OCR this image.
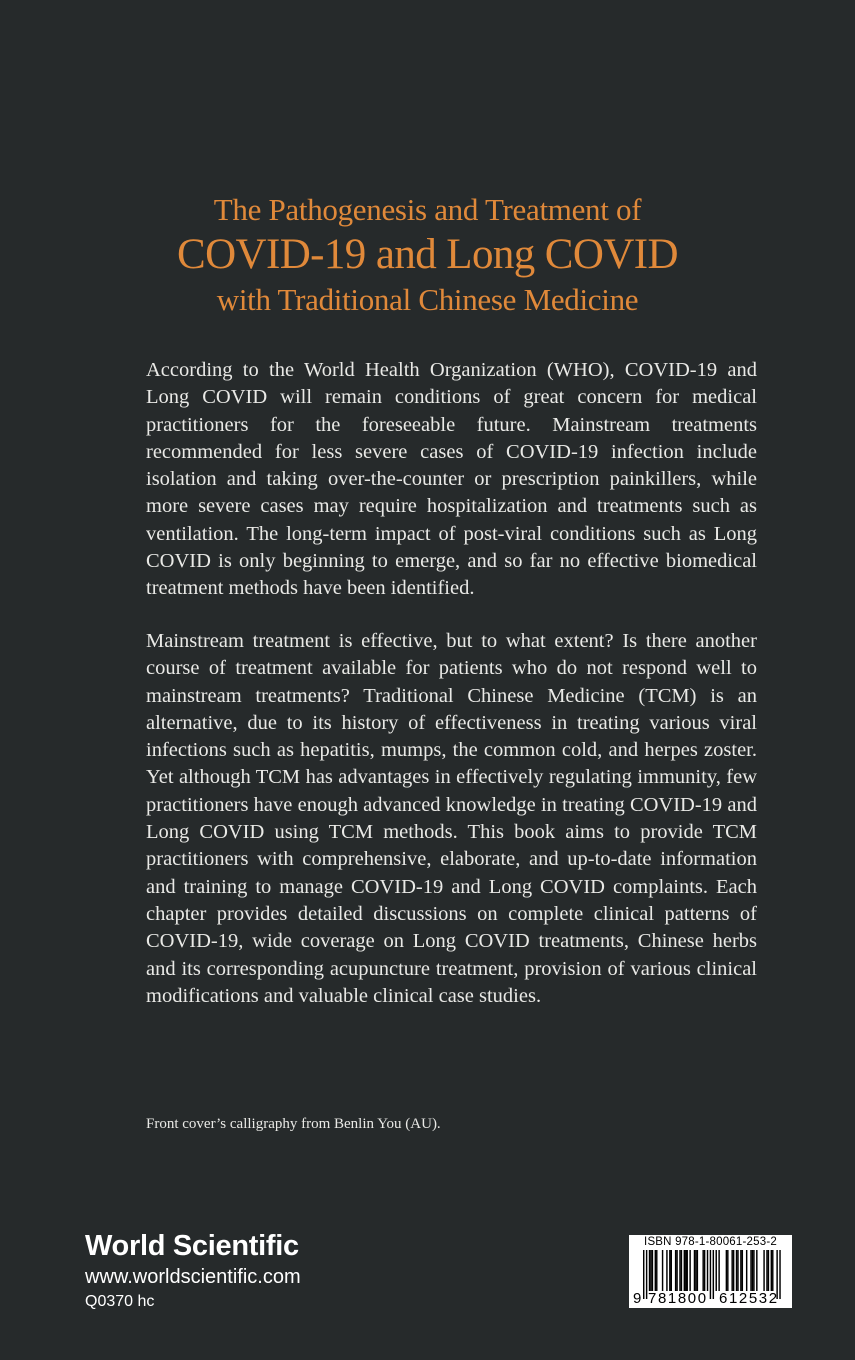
The Pathogenesis and Treatment of
COVID-19 and Long COVID
with Traditional Chinese Medicine

According to the World Health Organization (WHO), COVID-19 and Long COVID will remain conditions of great concern for medical practitioners for the foreseeable future. Mainstream treatments recommended for less severe cases of COVID-19 infection include isolation and taking over-the-counter or prescription painkillers, while more severe cases may require hospitalization and treatments such as ventilation. The long-term impact of post-viral conditions such as Long COVID is only beginning to emerge, and so far no effective biomedical treatment methods have been identified.

Mainstream treatment is effective, but to what extent? Is there another course of treatment available for patients who do not respond well to mainstream treatments? Traditional Chinese Medicine (TCM) is an alternative, due to its history of effectiveness in treating various viral infections such as hepatitis, mumps, the common cold, and herpes zoster. Yet although TCM has advantages in effectively regulating immunity, few practitioners have enough advanced knowledge in treating COVID-19 and Long COVID using TCM methods. This book aims to provide TCM practitioners with comprehensive, elaborate, and up-to-date information and training to manage COVID-19 and Long COVID complaints. Each chapter provides detailed discussions on complete clinical patterns of COVID-19, wide coverage on Long COVID treatments, Chinese herbs and its corresponding acupuncture treatment, provision of various clinical modifications and valuable clinical case studies.

Front cover’s calligraphy from Benlin You (AU).
World Scientific
www.worldscientific.com
Q0370 hc
ISBN 978-1-80061-253-2
9 781800 612532
